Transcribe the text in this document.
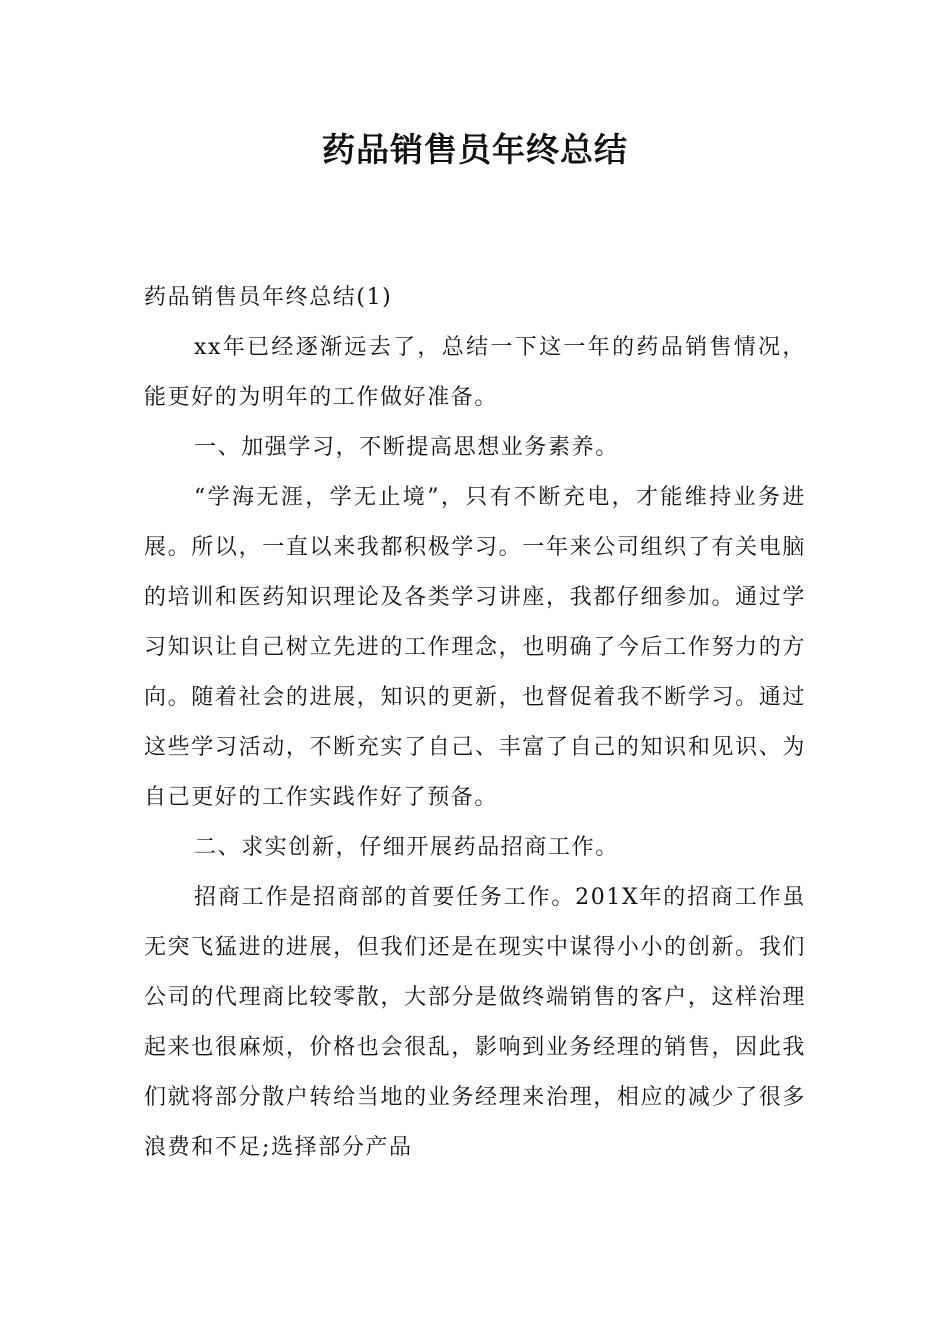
药品销售员年终总结

药品销售员年终总结(1)

xx年已经逐渐远去了，总结一下这一年的药品销售情况，能更好的为明年的工作做好准备。

一、加强学习，不断提高思想业务素养。

“学海无涯，学无止境”，只有不断充电，才能维持业务进展。所以，一直以来我都积极学习。一年来公司组织了有关电脑的培训和医药知识理论及各类学习讲座，我都仔细参加。通过学习知识让自己树立先进的工作理念，也明确了今后工作努力的方向。随着社会的进展，知识的更新，也督促着我不断学习。通过这些学习活动，不断充实了自己、丰富了自己的知识和见识、为自己更好的工作实践作好了预备。

二、求实创新，仔细开展药品招商工作。

招商工作是招商部的首要任务工作。201X年的招商工作虽无突飞猛进的进展，但我们还是在现实中谋得小小的创新。我们公司的代理商比较零散，大部分是做终端销售的客户，这样治理起来也很麻烦，价格也会很乱，影响到业务经理的销售，因此我们就将部分散户转给当地的业务经理来治理，相应的减少了很多浪费和不足;选择部分产品
